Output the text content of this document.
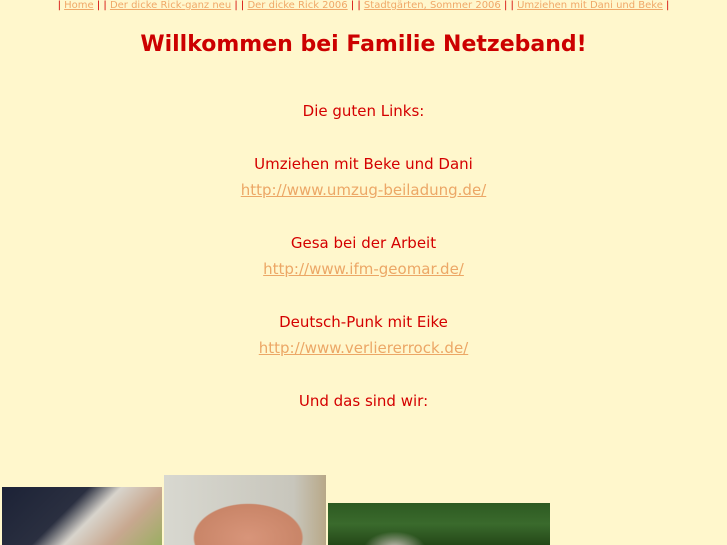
| Home | | Der dicke Rick-ganz neu | | Der dicke Rick 2006 | | Stadtgärten, Sommer 2006 | | Umziehen mit Dani und Beke |
Willkommen bei Familie Netzeband!
Die guten Links:
Umziehen mit Beke und Dani
http://www.umzug-beiladung.de/
Gesa bei der Arbeit
http://www.ifm-geomar.de/
Deutsch-Punk mit Eike
http://www.verliererrock.de/
Und das sind wir:
